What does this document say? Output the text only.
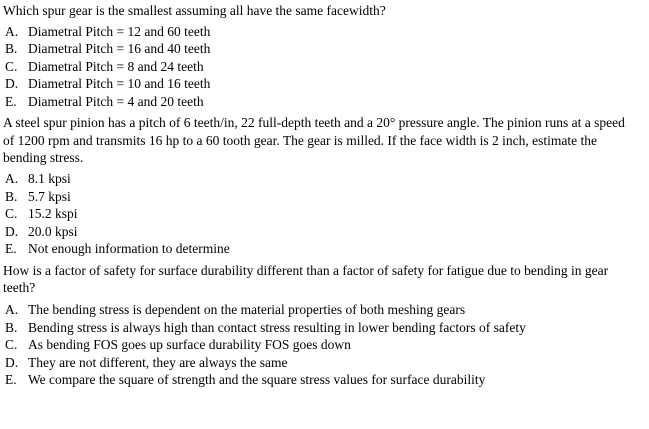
Which spur gear is the smallest assuming all have the same facewidth?

A. Diametral Pitch = 12 and 60 teeth
B. Diametral Pitch = 16 and 40 teeth
C. Diametral Pitch = 8 and 24 teeth
D. Diametral Pitch = 10 and 16 teeth
E. Diametral Pitch = 4 and 20 teeth

A steel spur pinion has a pitch of 6 teeth/in, 22 full-depth teeth and a 20° pressure angle. The pinion runs at a speed of 1200 rpm and transmits 16 hp to a 60 tooth gear. The gear is milled. If the face width is 2 inch, estimate the bending stress.

A. 8.1 kpsi
B. 5.7 kpsi
C. 15.2 kspi
D. 20.0 kpsi
E. Not enough information to determine

How is a factor of safety for surface durability different than a factor of safety for fatigue due to bending in gear teeth?

A. The bending stress is dependent on the material properties of both meshing gears
B. Bending stress is always high than contact stress resulting in lower bending factors of safety
C. As bending FOS goes up surface durability FOS goes down
D. They are not different, they are always the same
E. We compare the square of strength and the square stress values for surface durability
